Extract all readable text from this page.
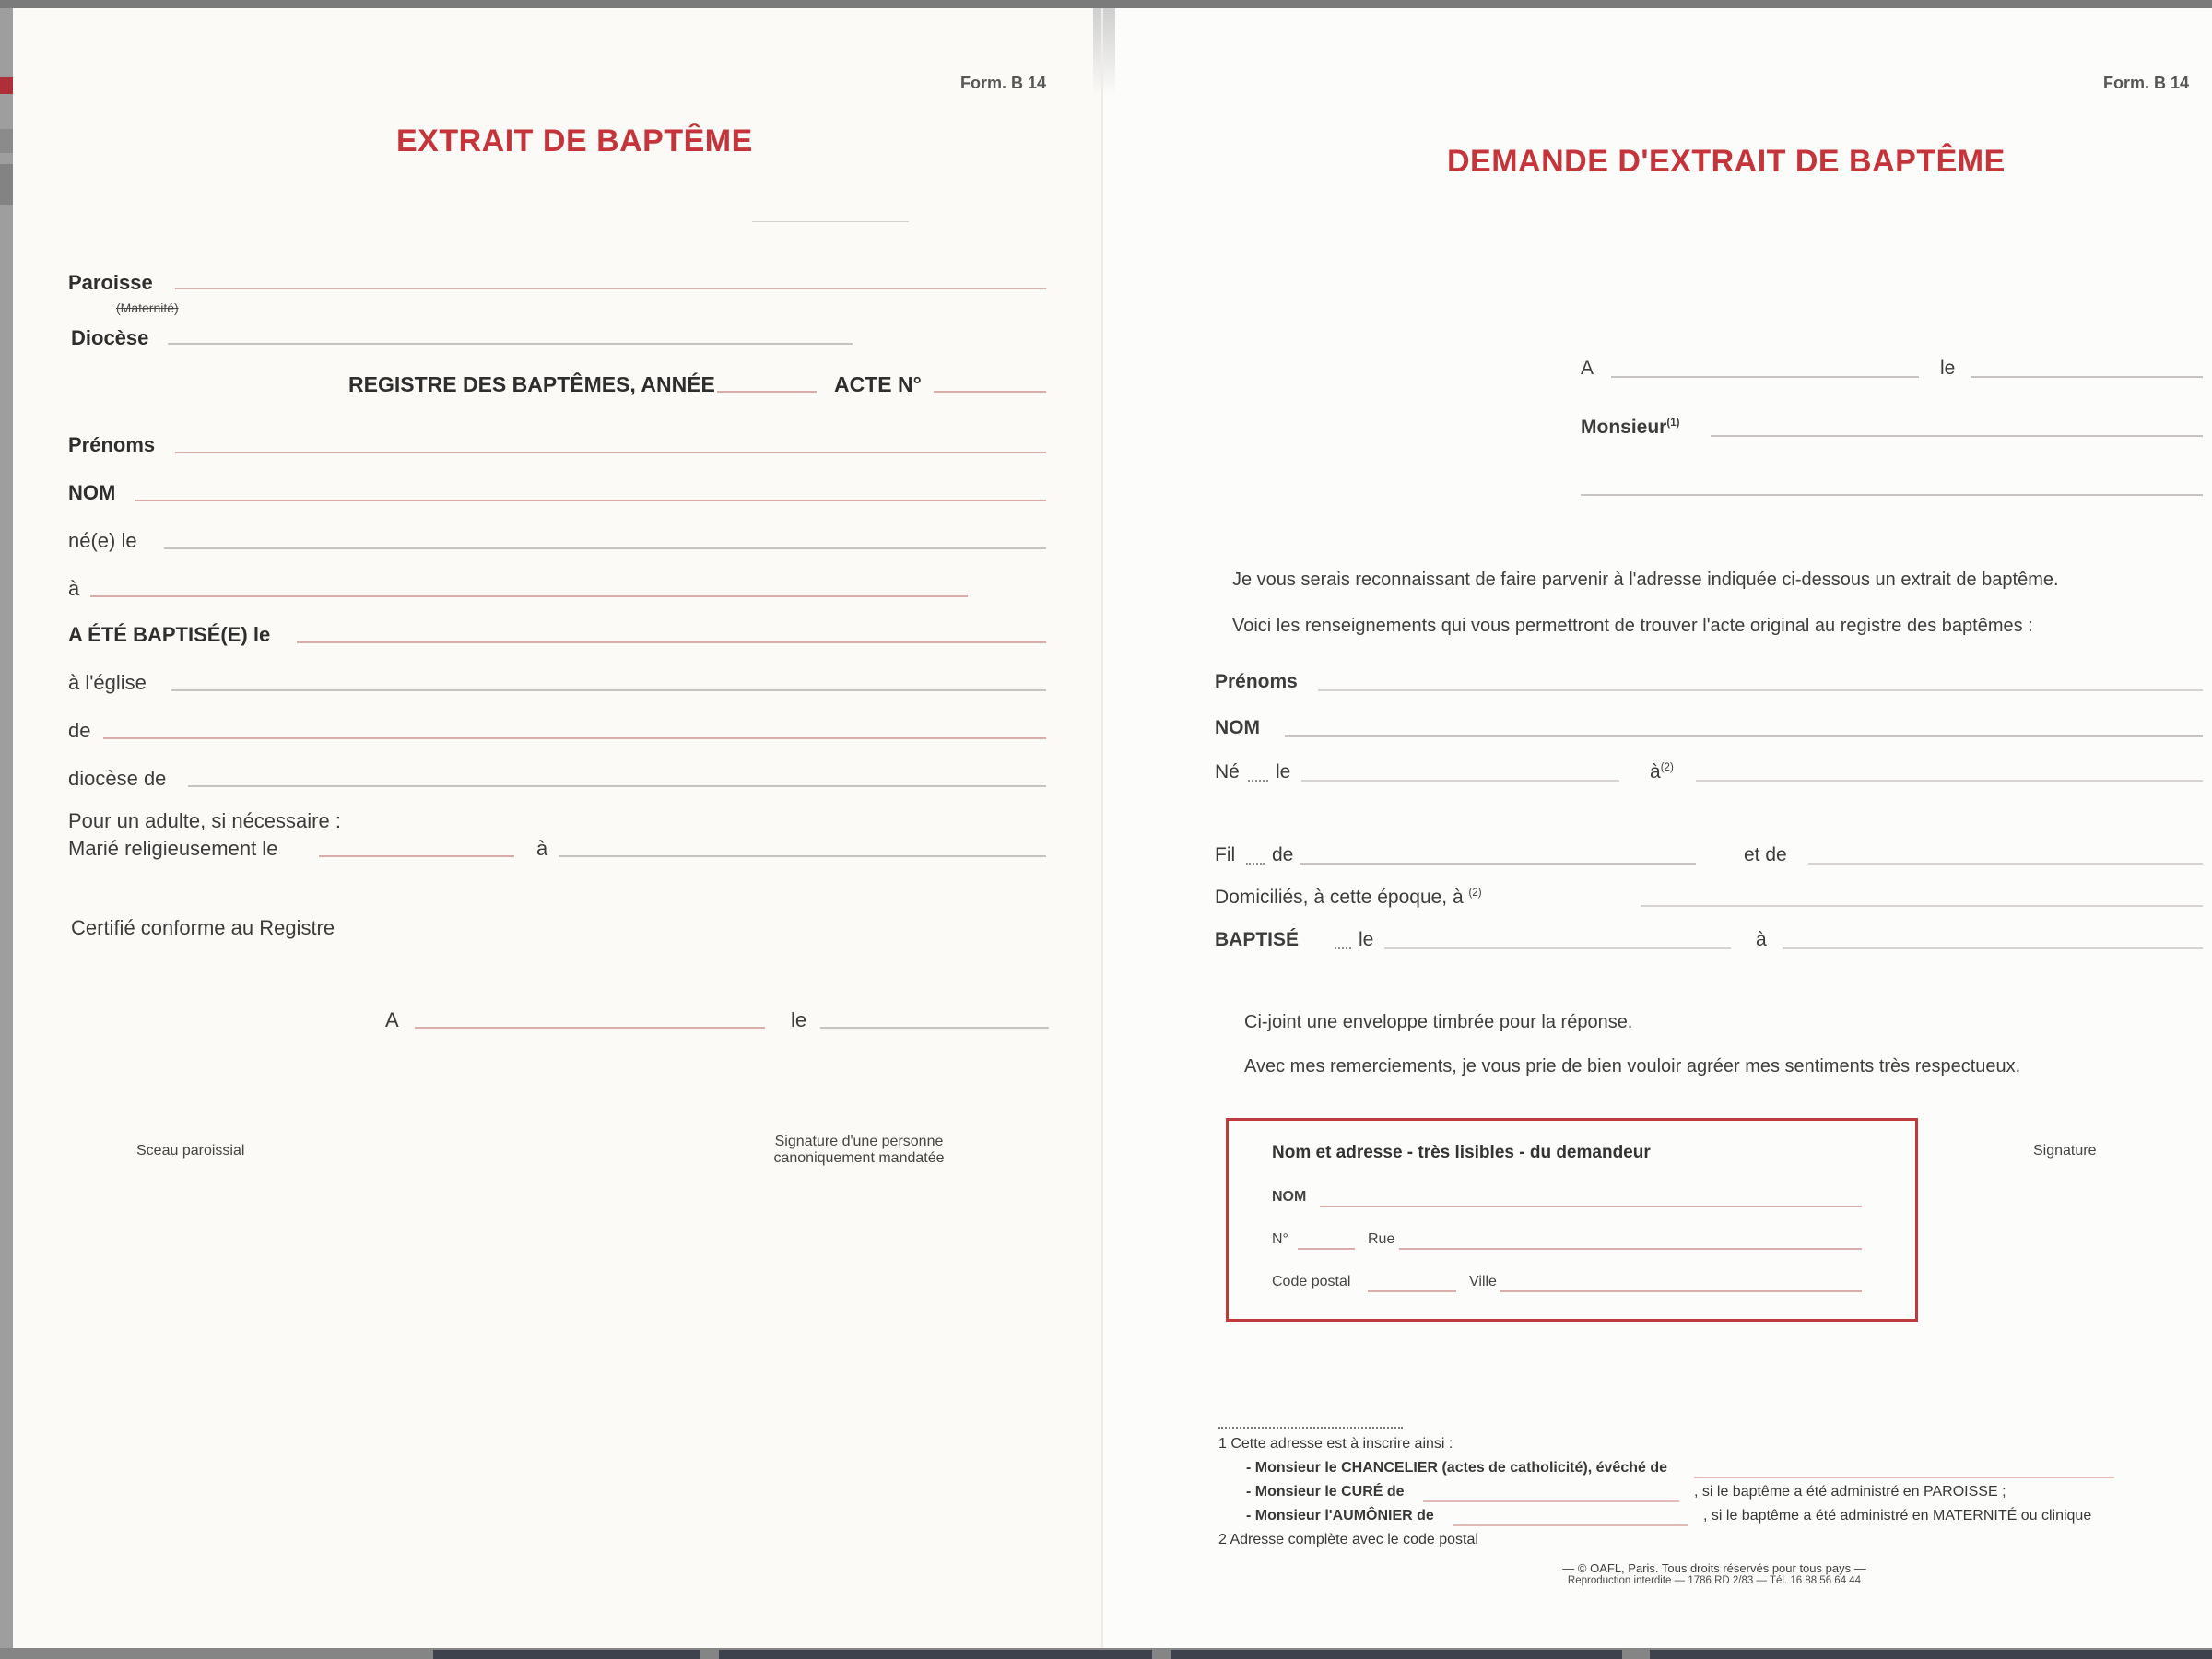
Form. B 14
EXTRAIT DE BAPTÊME
Paroisse
(Maternité)
Diocèse
REGISTRE DES BAPTÊMES, ANNÉE	ACTE N°
Prénoms
NOM
né(e) le
à
A ÉTÉ BAPTISÉ(E) le
à l'église
de
diocèse de
Pour un adulte, si nécessaire :
Marié religieusement le	à
Certifié conforme au Registre
A	le
Sceau paroissial
Signature d'une personne
canoniquement mandatée
Form. B 14
DEMANDE D'EXTRAIT DE BAPTÊME
A	le
Monsieur$^{(1)}$
Je vous serais reconnaissant de faire parvenir à l'adresse indiquée ci-dessous un extrait de baptême.
Voici les renseignements qui vous permettront de trouver l'acte original au registre des baptêmes :
Prénoms
NOM
Né le	$à^{(2)}$
Fil de	et de
Domiciliés, à cette époque, à $^{(2)}$
BAPTISÉ	le	à
Ci-joint une enveloppe timbrée pour la réponse.
Avec mes remerciements, je vous prie de bien vouloir agréer mes sentiments très respectueux.
Nom et adresse - très lisibles - du demandeur
NOM
N°	Rue
Code postal	Ville
Signature
1 Cette adresse est à inscrire ainsi :
- Monsieur le CHANCELIER (actes de catholicité), évêché de
- Monsieur le CURÉ de	, si le baptême a été administré en PAROISSE ;
- Monsieur l'AUMÔNIER de	, si le baptême a été administré en MATERNITÉ ou clinique
2 Adresse complète avec le code postal
— © OAFL, Paris. Tous droits réservés pour tous pays —
Reproduction interdite — 1786 RD 2/83 — Tél. 16 88 56 64 44
